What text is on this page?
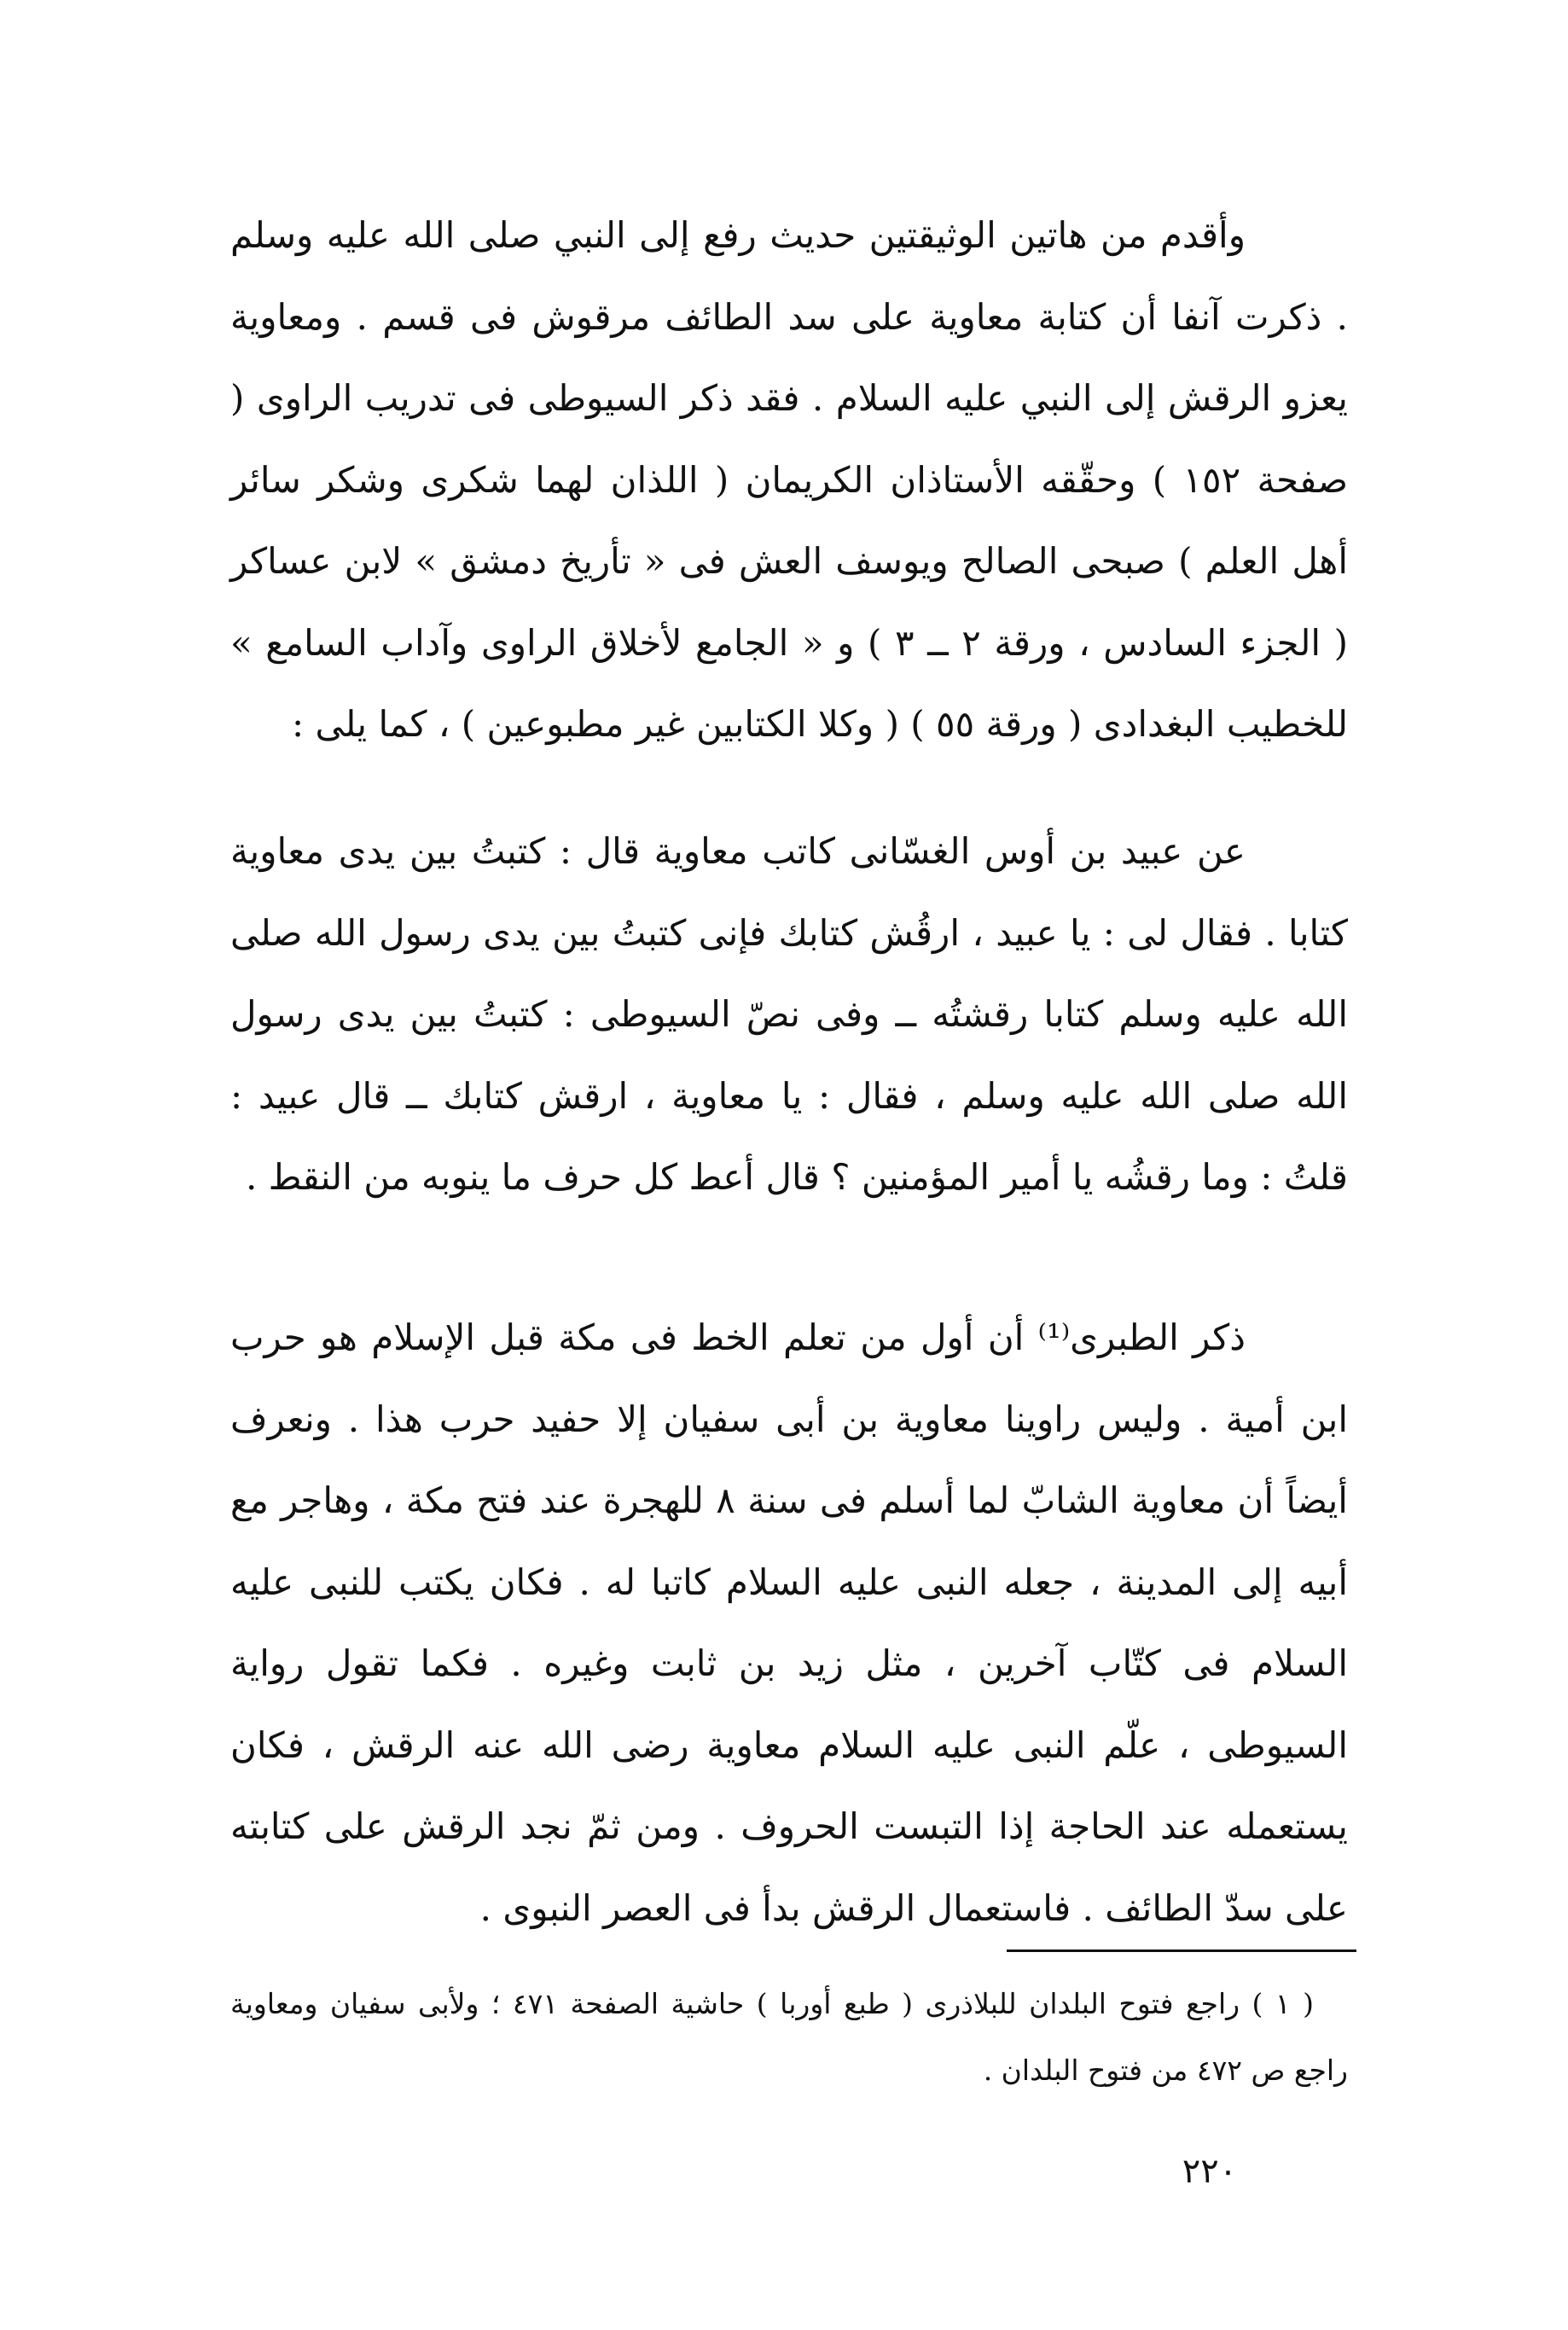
وأقدم من هاتين الوثيقتين حديث رفع إلى النبي صلى الله عليه وسلم . ذكرت آنفا أن كتابة معاوية على سد الطائف مرقوش فى قسم . ومعاوية يعزو الرقش إلى النبي عليه السلام . فقد ذكر السيوطى فى تدريب الراوى ( صفحة ١٥٢ ) وحقّقه الأستاذان الكريمان ( اللذان لهما شكرى وشكر سائر أهل العلم ) صبحى الصالح ويوسف العش فى « تأريخ دمشق » لابن عساكر ( الجزء السادس ، ورقة ٢ ــ ٣ ) و « الجامع لأخلاق الراوى وآداب السامع » للخطيب البغدادى ( ورقة ٥٥ ) ( وكلا الكتابين غير مطبوعين ) ، كما يلى :

عن عبيد بن أوس الغسّانى كاتب معاوية قال : كتبتُ بين يدى معاوية كتابا . فقال لى : يا عبيد ، ارقُش كتابك فإنى كتبتُ بين يدى رسول الله صلى الله عليه وسلم كتابا رقشتُه ــ وفى نصّ السيوطى : كتبتُ بين يدى رسول الله صلى الله عليه وسلم ، فقال : يا معاوية ، ارقش كتابك ــ قال عبيد : قلتُ : وما رقشُه يا أمير المؤمنين ؟ قال أعط كل حرف ما ينوبه من النقط .

ذكر الطبرى⁽¹⁾ أن أول من تعلم الخط فى مكة قبل الإسلام هو حرب ابن أمية . وليس راوينا معاوية بن أبى سفيان إلا حفيد حرب هذا . ونعرف أيضاً أن معاوية الشابّ لما أسلم فى سنة ٨ للهجرة عند فتح مكة ، وهاجر مع أبيه إلى المدينة ، جعله النبى عليه السلام كاتبا له . فكان يكتب للنبى عليه السلام فى كتّاب آخرين ، مثل زيد بن ثابت وغيره . فكما تقول رواية السيوطى ، علّم النبى عليه السلام معاوية رضى الله عنه الرقش ، فكان يستعمله عند الحاجة إذا التبست الحروف . ومن ثمّ نجد الرقش على كتابته على سدّ الطائف . فاستعمال الرقش بدأ فى العصر النبوى .

( ١ ) راجع فتوح البلدان للبلاذرى ( طبع أوربا ) حاشية الصفحة ٤٧١ ؛ ولأبى سفيان ومعاوية راجع ص ٤٧٢ من فتوح البلدان .

٢٢٠
